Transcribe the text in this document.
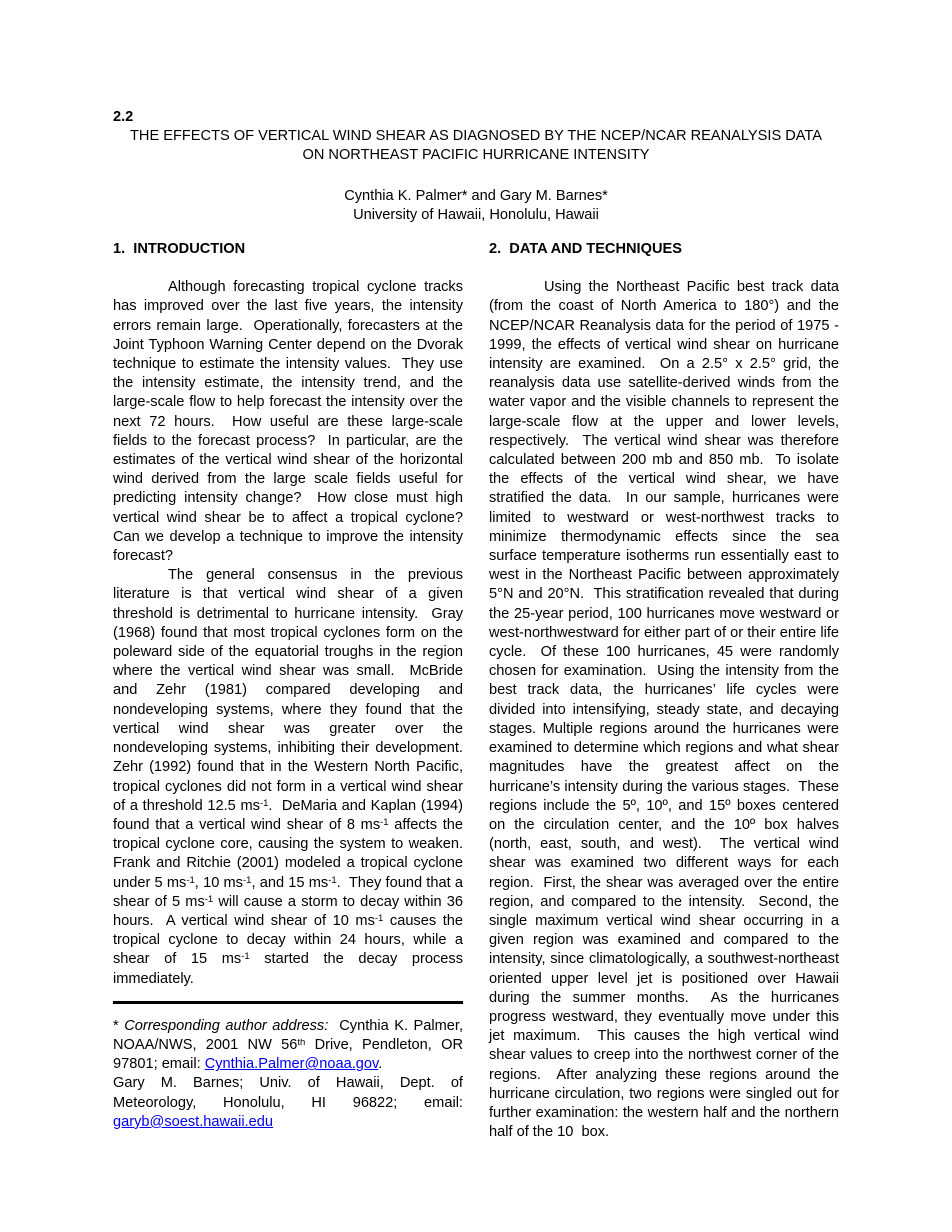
2.2
THE EFFECTS OF VERTICAL WIND SHEAR AS DIAGNOSED BY THE NCEP/NCAR REANALYSIS DATA
ON NORTHEAST PACIFIC HURRICANE INTENSITY
Cynthia K. Palmer* and Gary M. Barnes*
University of Hawaii, Honolulu, Hawaii
1.  INTRODUCTION

Although forecasting tropical cyclone tracks has improved over the last five years, the intensity errors remain large.  Operationally, forecasters at the Joint Typhoon Warning Center depend on the Dvorak technique to estimate the intensity values.  They use the intensity estimate, the intensity trend, and the large-scale flow to help forecast the intensity over the next 72 hours.  How useful are these large-scale fields to the forecast process?  In particular, are the estimates of the vertical wind shear of the horizontal wind derived from the large scale fields useful for predicting intensity change?  How close must high vertical wind shear be to affect a tropical cyclone?  Can we develop a technique to improve the intensity forecast?

The general consensus in the previous literature is that vertical wind shear of a given threshold is detrimental to hurricane intensity.  Gray (1968) found that most tropical cyclones form on the poleward side of the equatorial troughs in the region where the vertical wind shear was small.  McBride and Zehr (1981) compared developing and nondeveloping systems, where they found that the vertical wind shear was greater over the nondeveloping systems, inhibiting their development.  Zehr (1992) found that in the Western North Pacific, tropical cyclones did not form in a vertical wind shear of a threshold 12.5 $ms^{-1}$.  DeMaria and Kaplan (1994) found that a vertical wind shear of 8 $ms^{-1}$ affects the tropical cyclone core, causing the system to weaken.  Frank and Ritchie (2001) modeled a tropical cyclone under 5 $ms^{-1}$, 10 $ms^{-1}$, and 15 $ms^{-1}$.  They found that a shear of 5 $ms^{-1}$ will cause a storm to decay within 36 hours.  A vertical wind shear of 10 $ms^{-1}$ causes the tropical cyclone to decay within 24 hours, while a shear of 15 $ms^{-1}$ started the decay process immediately.

* Corresponding author address:  Cynthia K. Palmer, NOAA/NWS, 2001 NW 56th Drive, Pendleton, OR 97801; email: Cynthia.Palmer@noaa.gov.

Gary M. Barnes; Univ. of Hawaii, Dept. of Meteorology, Honolulu, HI 96822; email: garyb@soest.hawaii.edu

2.  DATA AND TECHNIQUES

Using the Northeast Pacific best track data (from the coast of North America to 180°) and the NCEP/NCAR Reanalysis data for the period of 1975 - 1999, the effects of vertical wind shear on hurricane intensity are examined.  On a 2.5° x 2.5° grid, the reanalysis data use satellite-derived winds from the water vapor and the visible channels to represent the large-scale flow at the upper and lower levels, respectively.  The vertical wind shear was therefore calculated between 200 mb and 850 mb.  To isolate the effects of the vertical wind shear, we have stratified the data.  In our sample, hurricanes were limited to westward or west-northwest tracks to minimize thermodynamic effects since the sea surface temperature isotherms run essentially east to west in the Northeast Pacific between approximately 5°N and 20°N.  This stratification revealed that during the 25-year period, 100 hurricanes move westward or west-northwestward for either part of or their entire life cycle.  Of these 100 hurricanes, 45 were randomly chosen for examination.  Using the intensity from the best track data, the hurricanes’ life cycles were divided into intensifying, steady state, and decaying stages. Multiple regions around the hurricanes were examined to determine which regions and what shear magnitudes have the greatest affect on the hurricane’s intensity during the various stages.  These regions include the 5º, 10º, and 15º boxes centered on the circulation center, and the 10º box halves (north, east, south, and west).  The vertical wind shear was examined two different ways for each region.  First, the shear was averaged over the entire region, and compared to the intensity.  Second, the single maximum vertical wind shear occurring in a given region was examined and compared to the intensity, since climatologically, a southwest-northeast oriented upper level jet is positioned over Hawaii during the summer months.  As the hurricanes progress westward, they eventually move under this jet maximum.  This causes the high vertical wind shear values to creep into the northwest corner of the regions.  After analyzing these regions around the hurricane circulation, two regions were singled out for further examination: the western half and the northern half of the 10  box.
